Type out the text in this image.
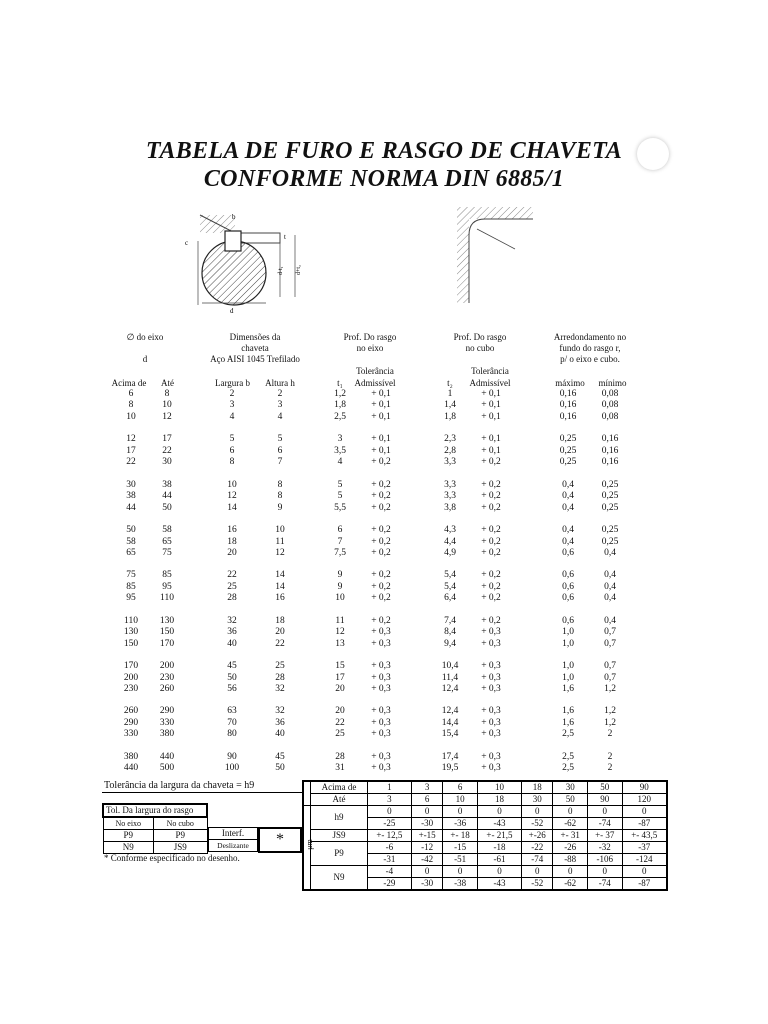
TABELA DE FURO E RASGO DE CHAVETA
CONFORME NORMA DIN 6885/1
b
t
c
d-t₁ d+t₂
d
∅ do eixo
d
Dimensões da
chaveta
Aço AISI 1045 Trefilado
Prof. Do rasgo
no eixo
Prof. Do rasgo
no cubo
Arredondamento no
fundo do rasgo r,
p/ o eixo e cubo.
Tolerância	Tolerância
Acima de	Até	Largura b	Altura h	t₁	Admissível	t₂	Admissível	máximo	mínimo
6	8	2	2	1,2	+ 0,1	1	+ 0,1	0,16	0,08
8	10	3	3	1,8	+ 0,1	1,4	+ 0,1	0,16	0,08
10	12	4	4	2,5	+ 0,1	1,8	+ 0,1	0,16	0,08
12	17	5	5	3	+ 0,1	2,3	+ 0,1	0,25	0,16
17	22	6	6	3,5	+ 0,1	2,8	+ 0,1	0,25	0,16
22	30	8	7	4	+ 0,2	3,3	+ 0,2	0,25	0,16
30	38	10	8	5	+ 0,2	3,3	+ 0,2	0,4	0,25
38	44	12	8	5	+ 0,2	3,3	+ 0,2	0,4	0,25
44	50	14	9	5,5	+ 0,2	3,8	+ 0,2	0,4	0,25
50	58	16	10	6	+ 0,2	4,3	+ 0,2	0,4	0,25
58	65	18	11	7	+ 0,2	4,4	+ 0,2	0,4	0,25
65	75	20	12	7,5	+ 0,2	4,9	+ 0,2	0,6	0,4
75	85	22	14	9	+ 0,2	5,4	+ 0,2	0,6	0,4
85	95	25	14	9	+ 0,2	5,4	+ 0,2	0,6	0,4
95	110	28	16	10	+ 0,2	6,4	+ 0,2	0,6	0,4
110	130	32	18	11	+ 0,2	7,4	+ 0,2	0,6	0,4
130	150	36	20	12	+ 0,3	8,4	+ 0,3	1,0	0,7
150	170	40	22	13	+ 0,3	9,4	+ 0,3	1,0	0,7
170	200	45	25	15	+ 0,3	10,4	+ 0,3	1,0	0,7
200	230	50	28	17	+ 0,3	11,4	+ 0,3	1,0	0,7
230	260	56	32	20	+ 0,3	12,4	+ 0,3	1,6	1,2
260	290	63	32	20	+ 0,3	12,4	+ 0,3	1,6	1,2
290	330	70	36	22	+ 0,3	14,4	+ 0,3	1,6	1,2
330	380	80	40	25	+ 0,3	15,4	+ 0,3	2,5	2
380	440	90	45	28	+ 0,3	17,4	+ 0,3	2,5	2
440	500	100	50	31	+ 0,3	19,5	+ 0,3	2,5	2
Tolerância da largura da chaveta = h9
Tol. Da largura do rasgo	
No eixo	No cubo
P9	P9
N9	JS9
Interf.
Deslizante	*
* Conforme especificado no desenho.
	Acima de	1	3	6	10	18	30	50	90
	Até	3	6	10	18	30	50	90	120
	h9	0	0	0	0	0	0	0	0
		-25	-30	-36	-43	-52	-62	-74	-87
	JS9	+- 12,5	+-15	+- 18	+- 21,5	+-26	+- 31	+- 37	+- 43,5
	P9	-6	-12	-15	-18	-22	-26	-32	-37
		-31	-42	-51	-61	-74	-88	-106	-124
	N9	-4	0	0	0	0	0	0	0
		-29	-30	-38	-43	-52	-62	-74	-87
μm
